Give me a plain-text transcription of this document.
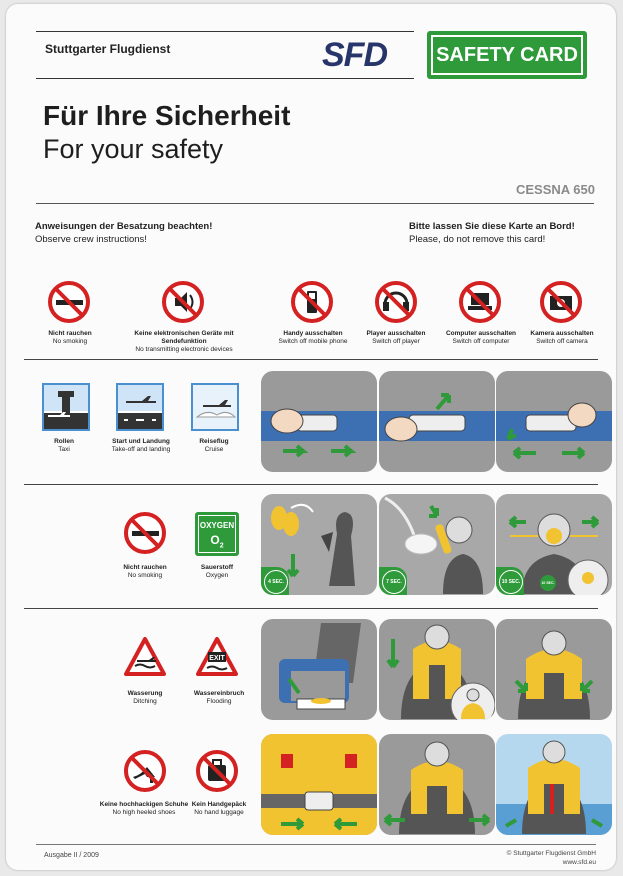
Stuttgarter Flugdienst	SFD SAFETY CARD
Für Ihre Sicherheit
For your safety
CESSNA 650
Anweisungen der Besatzung beachten!
Observe crew instructions!
Bitte lassen Sie diese Karte an Bord!
Please, do not remove this card!
Nicht rauchen
No smoking
Keine elektronischen Geräte mit Sendefunktion
No transmitting electronic devices
Handy ausschalten
Switch off mobile phone
Player ausschalten
Switch off player
Computer ausschalten
Switch off computer
Kamera ausschalten
Switch off camera
Rollen
Taxi
Start und Landung
Take-off and landing
Reiseflug
Cruise
OXYGEN
$O_2$
Nicht rauchen
No smoking
Sauerstoff
Oxygen
4 SEC.	7 SEC.	10 SEC.	10 SEC.
EXIT
Wasserung
Ditching
Wassereinbruch
Flooding
Keine hochhackigen Schuhe
No high heeled shoes
Kein Handgepäck
No hand luggage
Ausgabe II / 2009	© Stuttgarter Flugdienst GmbH
www.sfd.eu
